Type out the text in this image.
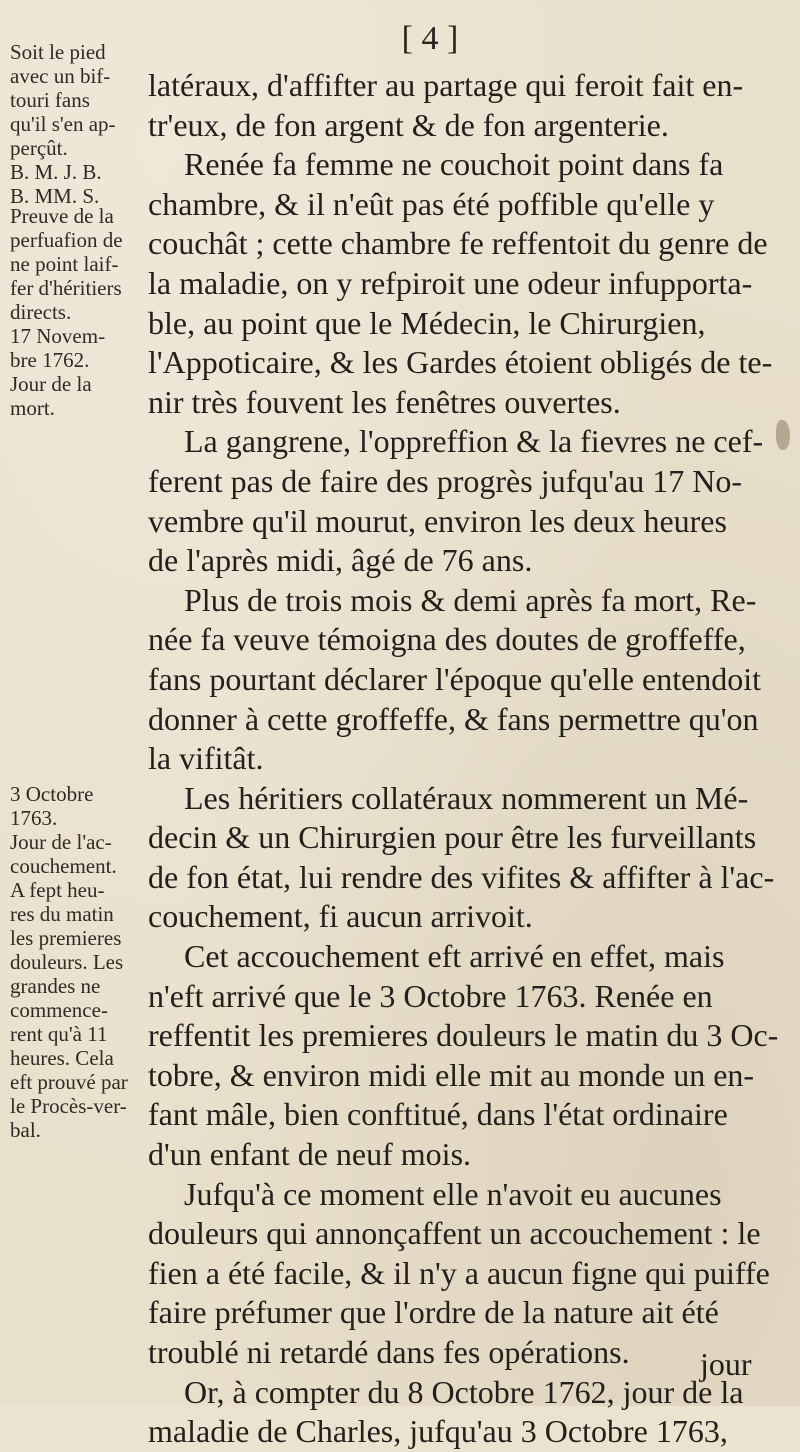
[ 4 ]
Soit le pied
avec un bif-
touri fans
qu'il s'en ap-
perçût.
B. M. J. B.
B. MM. S.
Preuve de la
perfuafion de
ne point laif-
fer d'héritiers
directs.
17 Novem-
bre 1762.
Jour de la
mort.
3 Octobre
1763.
Jour de l'ac-
couchement.
A fept heu-
res du matin
les premieres
douleurs. Les
grandes ne
commence-
rent qu'à 11
heures. Cela
eft prouvé par
le Procès-ver-
bal.
latéraux, d'affifter au partage qui feroit fait en-
tr'eux, de fon argent & de fon argenterie.
Renée fa femme ne couchoit point dans fa
chambre, & il n'eût pas été poffible qu'elle y
couchât ; cette chambre fe reffentoit du genre de
la maladie, on y refpiroit une odeur infupporta-
ble, au point que le Médecin, le Chirurgien,
l'Appoticaire, & les Gardes étoient obligés de te-
nir très fouvent les fenêtres ouvertes.
La gangrene, l'oppreffion & la fievres ne cef-
ferent pas de faire des progrès jufqu'au 17 No-
vembre qu'il mourut, environ les deux heures
de l'après midi, âgé de 76 ans.
Plus de trois mois & demi après fa mort, Re-
née fa veuve témoigna des doutes de groffeffe,
fans pourtant déclarer l'époque qu'elle entendoit
donner à cette groffeffe, & fans permettre qu'on
la vifitât.
Les héritiers collatéraux nommerent un Mé-
decin & un Chirurgien pour être les furveillants
de fon état, lui rendre des vifites & affifter à l'ac-
couchement, fi aucun arrivoit.
Cet accouchement eft arrivé en effet, mais
n'eft arrivé que le 3 Octobre 1763. Renée en
reffentit les premieres douleurs le matin du 3 Oc-
tobre, & environ midi elle mit au monde un en-
fant mâle, bien conftitué, dans l'état ordinaire
d'un enfant de neuf mois.
Jufqu'à ce moment elle n'avoit eu aucunes
douleurs qui annonçaffent un accouchement : le
fien a été facile, & il n'y a aucun figne qui puiffe
faire préfumer que l'ordre de la nature ait été
troublé ni retardé dans fes opérations.
Or, à compter du 8 Octobre 1762, jour de la
maladie de Charles, jufqu'au 3 Octobre 1763,
jour
